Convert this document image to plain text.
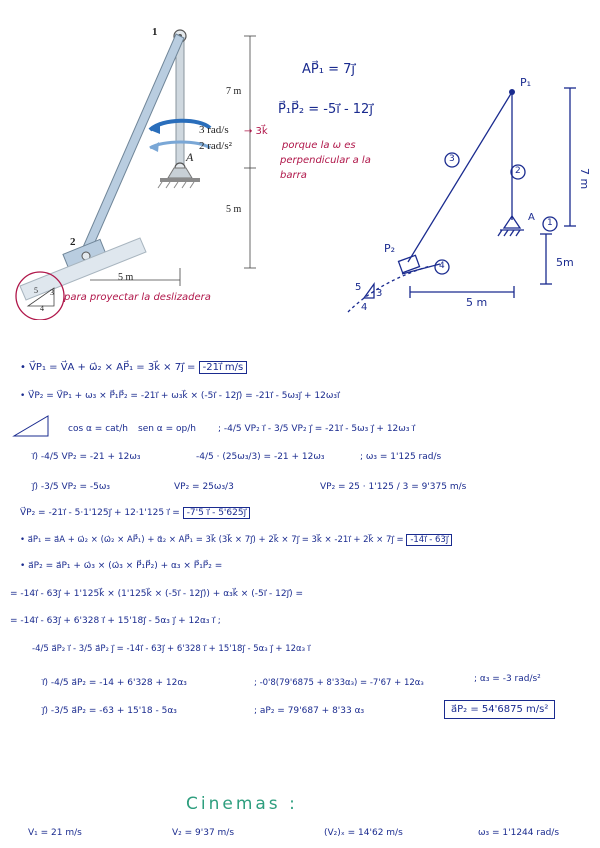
1
2
A
7 m
5 m
5 m
3 rad/s
2 rad/s²
3
4
5
→ 3k⃗
porque la ω es
perpendicular a la
barra
para proyectar la deslizadera
AP⃗₁ = 7j⃗
P⃗₁P⃗₂ = -5i⃗ - 12j⃗
P₁
P₂
A
3
2
1
4
7 m
5m
5 m
5
3
4
• V⃗P₁ = V⃗A + ω⃗₂ × AP⃗₁ = 3k⃗ × 7j⃗ = -21i⃗ m/s
• V⃗P₂ = V⃗P₁ + ω₃ × P⃗₁P⃗₂ = -21i⃗ + ω₃k⃗ × (-5i⃗ - 12j⃗) = -21i⃗ - 5ω₃j⃗ + 12ω₃i⃗
cos α = cat/h sen α = op/h ; -4/5 VP₂ i⃗ - 3/5 VP₂ j⃗ = -21i⃗ - 5ω₃ j⃗ + 12ω₃ i⃗
i⃗) -4/5 VP₂ = -21 + 12ω₃	-4/5 · (25ω₃/3) = -21 + 12ω₃	; ω₃ = 1'125 rad/s
j⃗) -3/5 VP₂ = -5ω₃	VP₂ = 25ω₃/3	VP₂ = 25 · 1'125 / 3 = 9'375 m/s
V⃗P₂ = -21i⃗ - 5·1'125j⃗ + 12·1'125 i⃗ = -7'5 i⃗ - 5'625j⃗
• a⃗P₁ = a⃗A + ω⃗₂ × (ω⃗₂ × AP⃗₁) + α⃗₂ × AP⃗₁ = 3k⃗ (3k⃗ × 7j⃗) + 2k⃗ × 7j⃗ = 3k⃗ × -21i⃗ + 2k⃗ × 7j⃗ = -14i⃗ - 63j⃗
• a⃗P₂ = a⃗P₁ + ω⃗₃ × (ω⃗₃ × P⃗₁P⃗₂) + α₃ × P⃗₁P⃗₂ =
= -14i⃗ - 63j⃗ + 1'125k⃗ × (1'125k⃗ × (-5i⃗ - 12j⃗)) + α₃k⃗ × (-5i⃗ - 12j⃗) =
= -14i⃗ - 63j⃗ + 6'328 i⃗ + 15'18j⃗ - 5α₃ j⃗ + 12α₃ i⃗ ;
-4/5 a⃗P₂ i⃗ - 3/5 a⃗P₂ j⃗ = -14i⃗ - 63j⃗ + 6'328 i⃗ + 15'18j⃗ - 5α₃ j⃗ + 12α₃ i⃗
i⃗) -4/5 a⃗P₂ = -14 + 6'328 + 12α₃	; -0'8(79'6875 + 8'33α₃) = -7'67 + 12α₃	; α₃ = -3 rad/s²
j⃗) -3/5 a⃗P₂ = -63 + 15'18 - 5α₃	; aP₂ = 79'687 + 8'33 α₃	a⃗P₂ = 54'6875 m/s²
Cinemas :
V₁ = 21 m/s	V₂ = 9'37 m/s	(V₂)ₓ = 14'62 m/s	ω₃ = 1'1244 rad/s
